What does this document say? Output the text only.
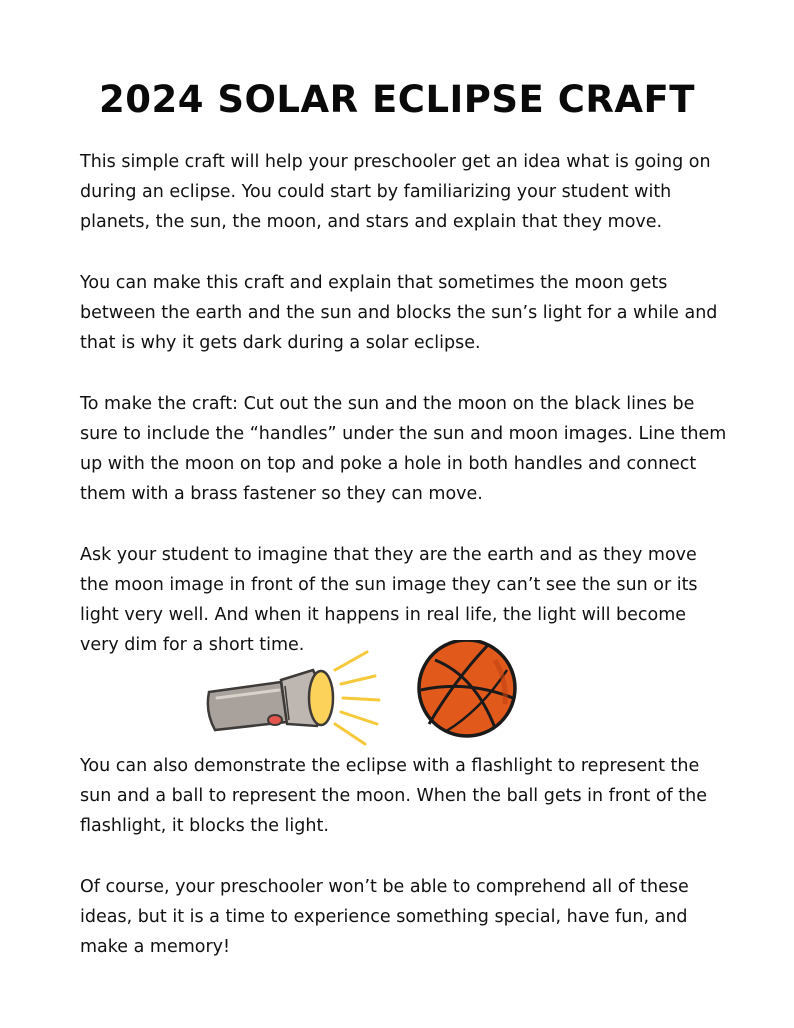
2024 SOLAR ECLIPSE CRAFT

This simple craft will help your preschooler get an idea what is going on during an eclipse. You could start by familiarizing your student with planets, the sun, the moon, and stars and explain that they move.

You can make this craft and explain that sometimes the moon gets between the earth and the sun and blocks the sun’s light for a while and that is why it gets dark during a solar eclipse.

To make the craft: Cut out the sun and the moon on the black lines be sure to include the “handles” under the sun and moon images. Line them up with the moon on top and poke a hole in both handles and connect them with a brass fastener so they can move.

Ask your student to imagine that they are the earth and as they move the moon image in front of the sun image they can’t see the sun or its light very well. And when it happens in real life, the light will become very dim for a short time.

You can also demonstrate the eclipse with a flashlight to represent the sun and a ball to represent the moon. When the ball gets in front of the flashlight, it blocks the light.

Of course, your preschooler won’t be able to comprehend all of these ideas, but it is a time to experience something special, have fun, and make a memory!
